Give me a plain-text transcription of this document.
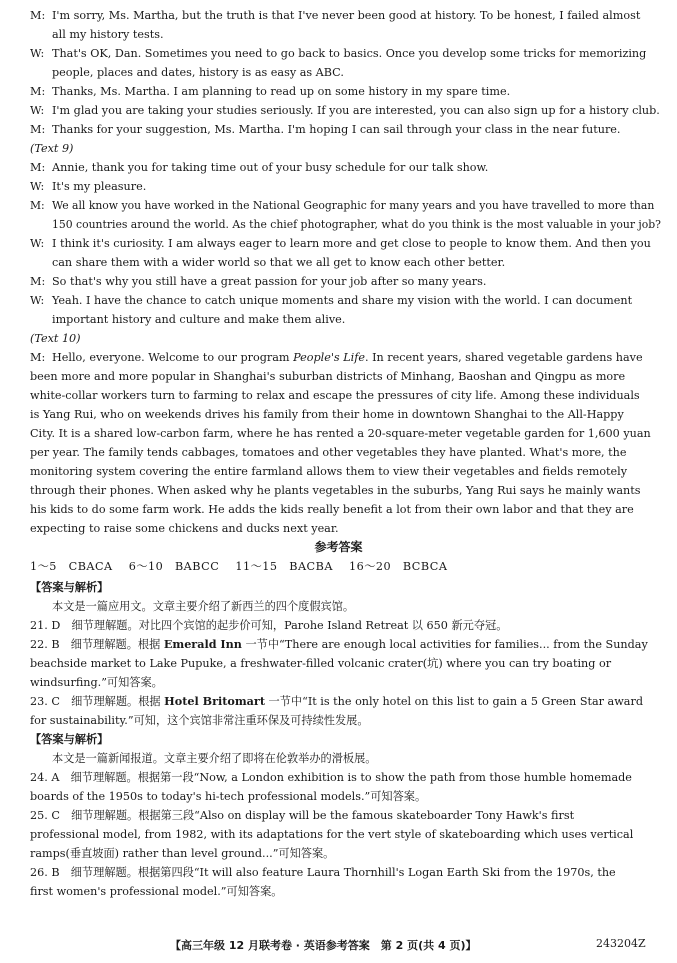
M: I'm sorry, Ms. Martha, but the truth is that I've never been good at history. To be honest, I failed almost
all my history tests.
W: That's OK, Dan. Sometimes you need to go back to basics. Once you develop some tricks for memorizing
people, places and dates, history is as easy as ABC.
M: Thanks, Ms. Martha. I am planning to read up on some history in my spare time.
W: I'm glad you are taking your studies seriously. If you are interested, you can also sign up for a history club.
M: Thanks for your suggestion, Ms. Martha. I'm hoping I can sail through your class in the near future.
(Text 9)
M: Annie, thank you for taking time out of your busy schedule for our talk show.
W: It's my pleasure.
M: We all know you have worked in the National Geographic for many years and you have travelled to more than
150 countries around the world. As the chief photographer, what do you think is the most valuable in your job?
W: I think it's curiosity. I am always eager to learn more and get close to people to know them. And then you
can share them with a wider world so that we all get to know each other better.
M: So that's why you still have a great passion for your job after so many years.
W: Yeah. I have the chance to catch unique moments and share my vision with the world. I can document
important history and culture and make them alive.
(Text 10)
M: Hello, everyone. Welcome to our program People's Life. In recent years, shared vegetable gardens have
been more and more popular in Shanghai's suburban districts of Minhang, Baoshan and Qingpu as more
white-collar workers turn to farming to relax and escape the pressures of city life. Among these individuals
is Yang Rui, who on weekends drives his family from their home in downtown Shanghai to the All-Happy
City. It is a shared low-carbon farm, where he has rented a 20-square-meter vegetable garden for 1,600 yuan
per year. The family tends cabbages, tomatoes and other vegetables they have planted. What's more, the
monitoring system covering the entire farmland allows them to view their vegetables and fields remotely
through their phones. When asked why he plants vegetables in the suburbs, Yang Rui says he mainly wants
his kids to do some farm work. He adds the kids really benefit a lot from their own labor and that they are
expecting to raise some chickens and ducks next year.
参考答案
1～5　 CBACA 6～10　 BABCC 11～15　 BACBA 16～20　 BCBCA
【答案与解析】
本文是一篇应用文。文章主要介绍了新西兰的四个度假宾馆。
21. D　细节理解题。对比四个宾馆的起步价可知，Parohe Island Retreat 以 650 新元夺冠。
22. B　细节理解题。根据 Emerald Inn 一节中“There are enough local activities for families... from the Sunday
beachside market to Lake Pupuke, a freshwater-filled volcanic crater(坑) where you can try boating or
windsurfing.”可知答案。
23. C　细节理解题。根据 Hotel Britomart 一节中“It is the only hotel on this list to gain a 5 Green Star award
for sustainability.”可知，这个宾馆非常注重环保及可持续性发展。
【答案与解析】
本文是一篇新闻报道。文章主要介绍了即将在伦敦举办的滑板展。
24. A　细节理解题。根据第一段“Now, a London exhibition is to show the path from those humble homemade
boards of the 1950s to today's hi-tech professional models.”可知答案。
25. C　细节理解题。根据第三段“Also on display will be the famous skateboarder Tony Hawk's first
professional model, from 1982, with its adaptations for the vert style of skateboarding which uses vertical
ramps(垂直坡面) rather than level ground...”可知答案。
26. B　细节理解题。根据第四段“It will also feature Laura Thornhill's Logan Earth Ski from the 1970s, the
first women's professional model.”可知答案。
【高三年级 12 月联考卷 · 英语参考答案　第 2 页(共 4 页)】	243204Z
